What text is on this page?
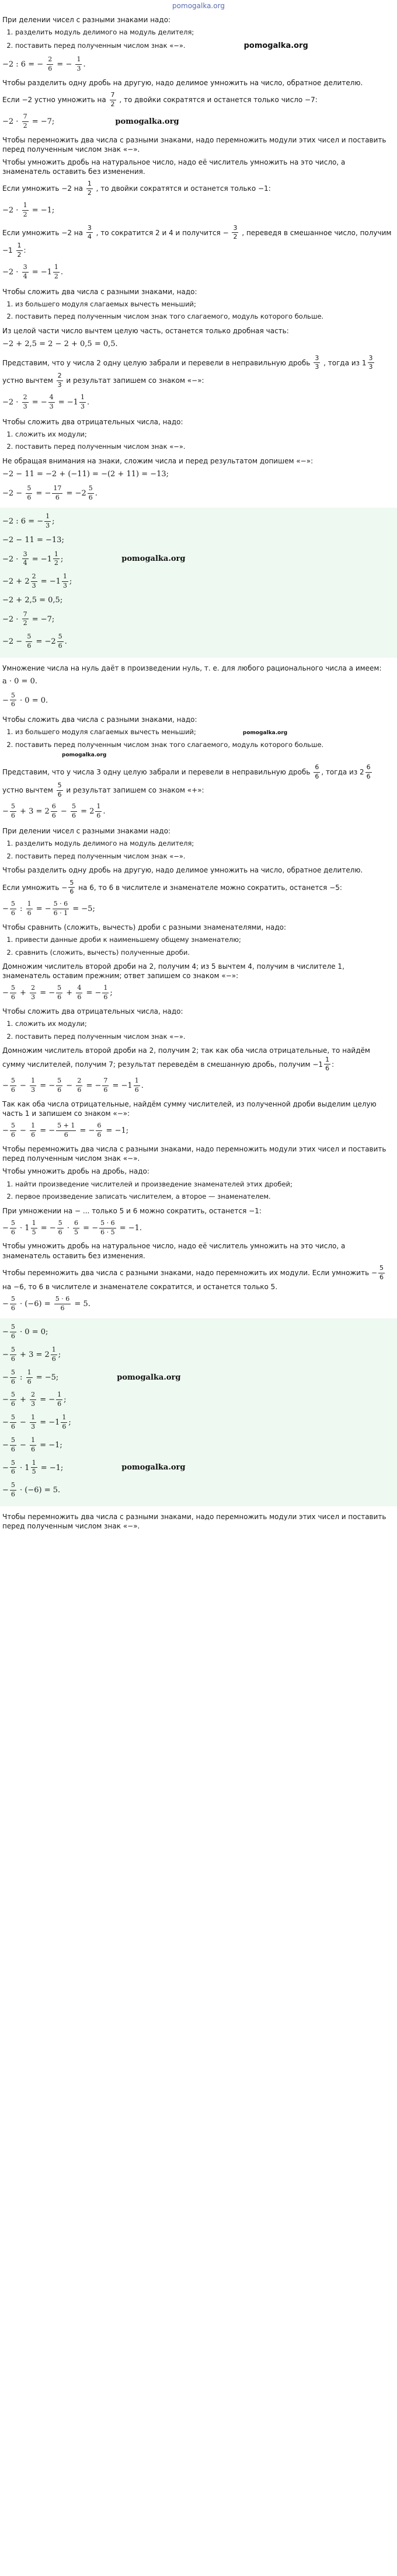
pomogalka.org
При делении чисел с разными знаками надо:
1. разделить модуль делимого на модуль делителя;
2. поставить перед полученным числом знак «−».	pomogalka.org
−2 : 6 = − $\frac{2}{6}$ = − $\frac{1}{3}$ .
Чтобы разделить одну дробь на другую, надо делимое умножить на число, обратное делителю.
Если −2 устно умножить на $\frac{7}{2}$ , то двойки сократятся и останется только число −7:
$-2 \cdot \frac{7}{2} = -7$;	pomogalka.org
Чтобы перемножить два числа с разными знаками, надо перемножить модули этих чисел и поставить перед полученным числом знак «−».
Чтобы умножить дробь на натуральное число, надо её числитель умножить на это число, а знаменатель оставить без изменения.
Если умножить −2 на $\frac{1}{2}$ , то двойки сократятся и останется только −1:
$-2 \cdot \frac{1}{2} = -1$;
Если умножить −2 на $\frac{3}{4}$ , то сократится 2 и 4 и получится − $\frac{3}{2}$ , переведя в смешанное число, получим $-1 \frac{1}{2}$ :
$-2 \cdot \frac{3}{4} = -1 \frac{1}{2}$ .
Чтобы сложить два числа с разными знаками, надо:
1. из большего модуля слагаемых вычесть меньший;
2. поставить перед полученным числом знак того слагаемого, модуль которого больше.
Из целой части число вычтем целую часть, останется только дробная часть:
−2 + 2,5 = 2 − 2 + 0,5 = 0,5.
Представим, что у числа 2 одну целую забрали и перевели в неправильную дробь $\frac{3}{3}$ , тогда из $1 \frac{3}{3}$
устно вычтем $\frac{2}{3}$ и результат запишем со знаком «−»:
$-2 \cdot \frac{2}{3}$ = − $\frac{4}{3} = -1 \frac{1}{3}$ .
Чтобы сложить два отрицательных числа, надо:
1. сложить их модули;
2. поставить перед полученным числом знак «−».
Не обращая внимания на знаки, сложим числа и перед результатом допишем «−»:
−2 − 11 = −2 + (−11) = −(2 + 11) = −13;
$-2 - \frac{5}{6}$ = − $\frac{17}{6} = -2 \frac{5}{6}$ .
−2 : 6 = − $\frac{1}{3}$ ;
−2 − 11 = −13;
$-2 \cdot \frac{3}{4} = -1 \frac{1}{2}$ ;	pomogalka.org
$-2 + 2 \frac{2}{3} = -1 \frac{1}{3}$ ;
−2 + 2,5 = 0,5;
$-2 \cdot \frac{7}{2} = -7$;
$-2 - \frac{5}{6} = -2 \frac{5}{6}$ .
Умножение числа на нуль даёт в произведении нуль, т. е. для любого рационального числа a имеем:
a · 0 = 0.
− $\frac{5}{6} \cdot 0 = 0$.
Чтобы сложить два числа с разными знаками, надо:
1. из большего модуля слагаемых вычесть меньший;	pomogalka.org
2. поставить перед полученным числом знак того слагаемого, модуль которого больше.pomogalka.org
Представим, что у числа 3 одну целую забрали и перевели в неправильную дробь $\frac{6}{6}$ , тогда из $2 \frac{6}{6}$
устно вычтем $\frac{5}{6}$ и результат запишем со знаком «+»:
− $\frac{5}{6} + 3 = 2 \frac{6}{6} - \frac{5}{6} = 2 \frac{1}{6}$ .
При делении чисел с разными знаками надо:
1. разделить модуль делимого на модуль делителя;
2. поставить перед полученным числом знак «−».
Чтобы разделить одну дробь на другую, надо делимое умножить на число, обратное делителю.
Если умножить − $\frac{5}{6}$ на 6, то 6 в числителе и знаменателе можно сократить, останется −5:
− $\frac{5}{6}$ : $\frac{1}{6}$ = − $\frac{5 \cdot 6}{6 \cdot 1} = -5$;
Чтобы сравнить (сложить, вычесть) дроби с разными знаменателями, надо:
1. привести данные дроби к наименьшему общему знаменателю;
2. сравнить (сложить, вычесть) полученные дроби.
Домножим числитель второй дроби на 2, получим 4; из 5 вычтем 4, получим в числителе 1, знаменатель оставим прежним; ответ запишем со знаком «−»:
− $\frac{5}{6} + \frac{2}{3}$ = − $\frac{5}{6} + \frac{4}{6}$ = − $\frac{1}{6}$ ;
Чтобы сложить два отрицательных числа, надо:
1. сложить их модули;
2. поставить перед полученным числом знак «−».
Домножим числитель второй дроби на 2, получим 2; так как оба числа отрицательные, то найдём сумму числителей, получим 7; результат переведём в смешанную дробь, получим $-1 \frac{1}{6}$ :
− $\frac{5}{6} - \frac{1}{3}$ = − $\frac{5}{6} - \frac{2}{6}$ = − $\frac{7}{6} = -1 \frac{1}{6}$ .
Так как оба числа отрицательные, найдём сумму числителей, из полученной дроби выделим целую часть 1 и запишем со знаком «−»:
− $\frac{5}{6} - \frac{1}{6}$ = − $\frac{5 + 1}{6}$ = − $\frac{6}{6} = -1$;
Чтобы перемножить два числа с разными знаками, надо перемножить модули этих чисел и поставить перед полученным числом знак «−».
Чтобы умножить дробь на дробь, надо:
1. найти произведение числителей и произведение знаменателей этих дробей;
2. первое произведение записать числителем, а второе — знаменателем.
При умножении на − ... только 5 и 6 можно сократить, останется −1:
− $\frac{5}{6} \cdot 1 \frac{1}{5}$ = − $\frac{5}{6} \cdot \frac{6}{5}$ = − $\frac{5 \cdot 6}{6 \cdot 5} = -1$.
Чтобы умножить дробь на натуральное число, надо её числитель умножить на это число, а знаменатель оставить без изменения.
Чтобы перемножить два числа с разными знаками, надо перемножить их модули. Если умножить − $\frac{5}{6}$
на −6, то 6 в числителе и знаменателе сократится, и останется только 5.
− $\frac{5}{6} \cdot (-6) = \frac{5 \cdot 6}{6} = 5$.
− $\frac{5}{6} \cdot 0 = 0$;
− $\frac{5}{6} + 3 = 2 \frac{1}{6}$ ;
− $\frac{5}{6}$ : $\frac{1}{6} = -5$;	pomogalka.org
− $\frac{5}{6} + \frac{2}{3}$ = − $\frac{1}{6}$ ;
− $\frac{5}{6} - \frac{1}{3} = -1 \frac{1}{6}$ ;
− $\frac{5}{6} - \frac{1}{6} = -1$;
− $\frac{5}{6} \cdot 1 \frac{1}{5} = -1$;	pomogalka.org
− $\frac{5}{6} \cdot (-6) = 5$.
Чтобы перемножить два числа с разными знаками, надо перемножить модули этих чисел и поставить перед полученным числом знак «−».
